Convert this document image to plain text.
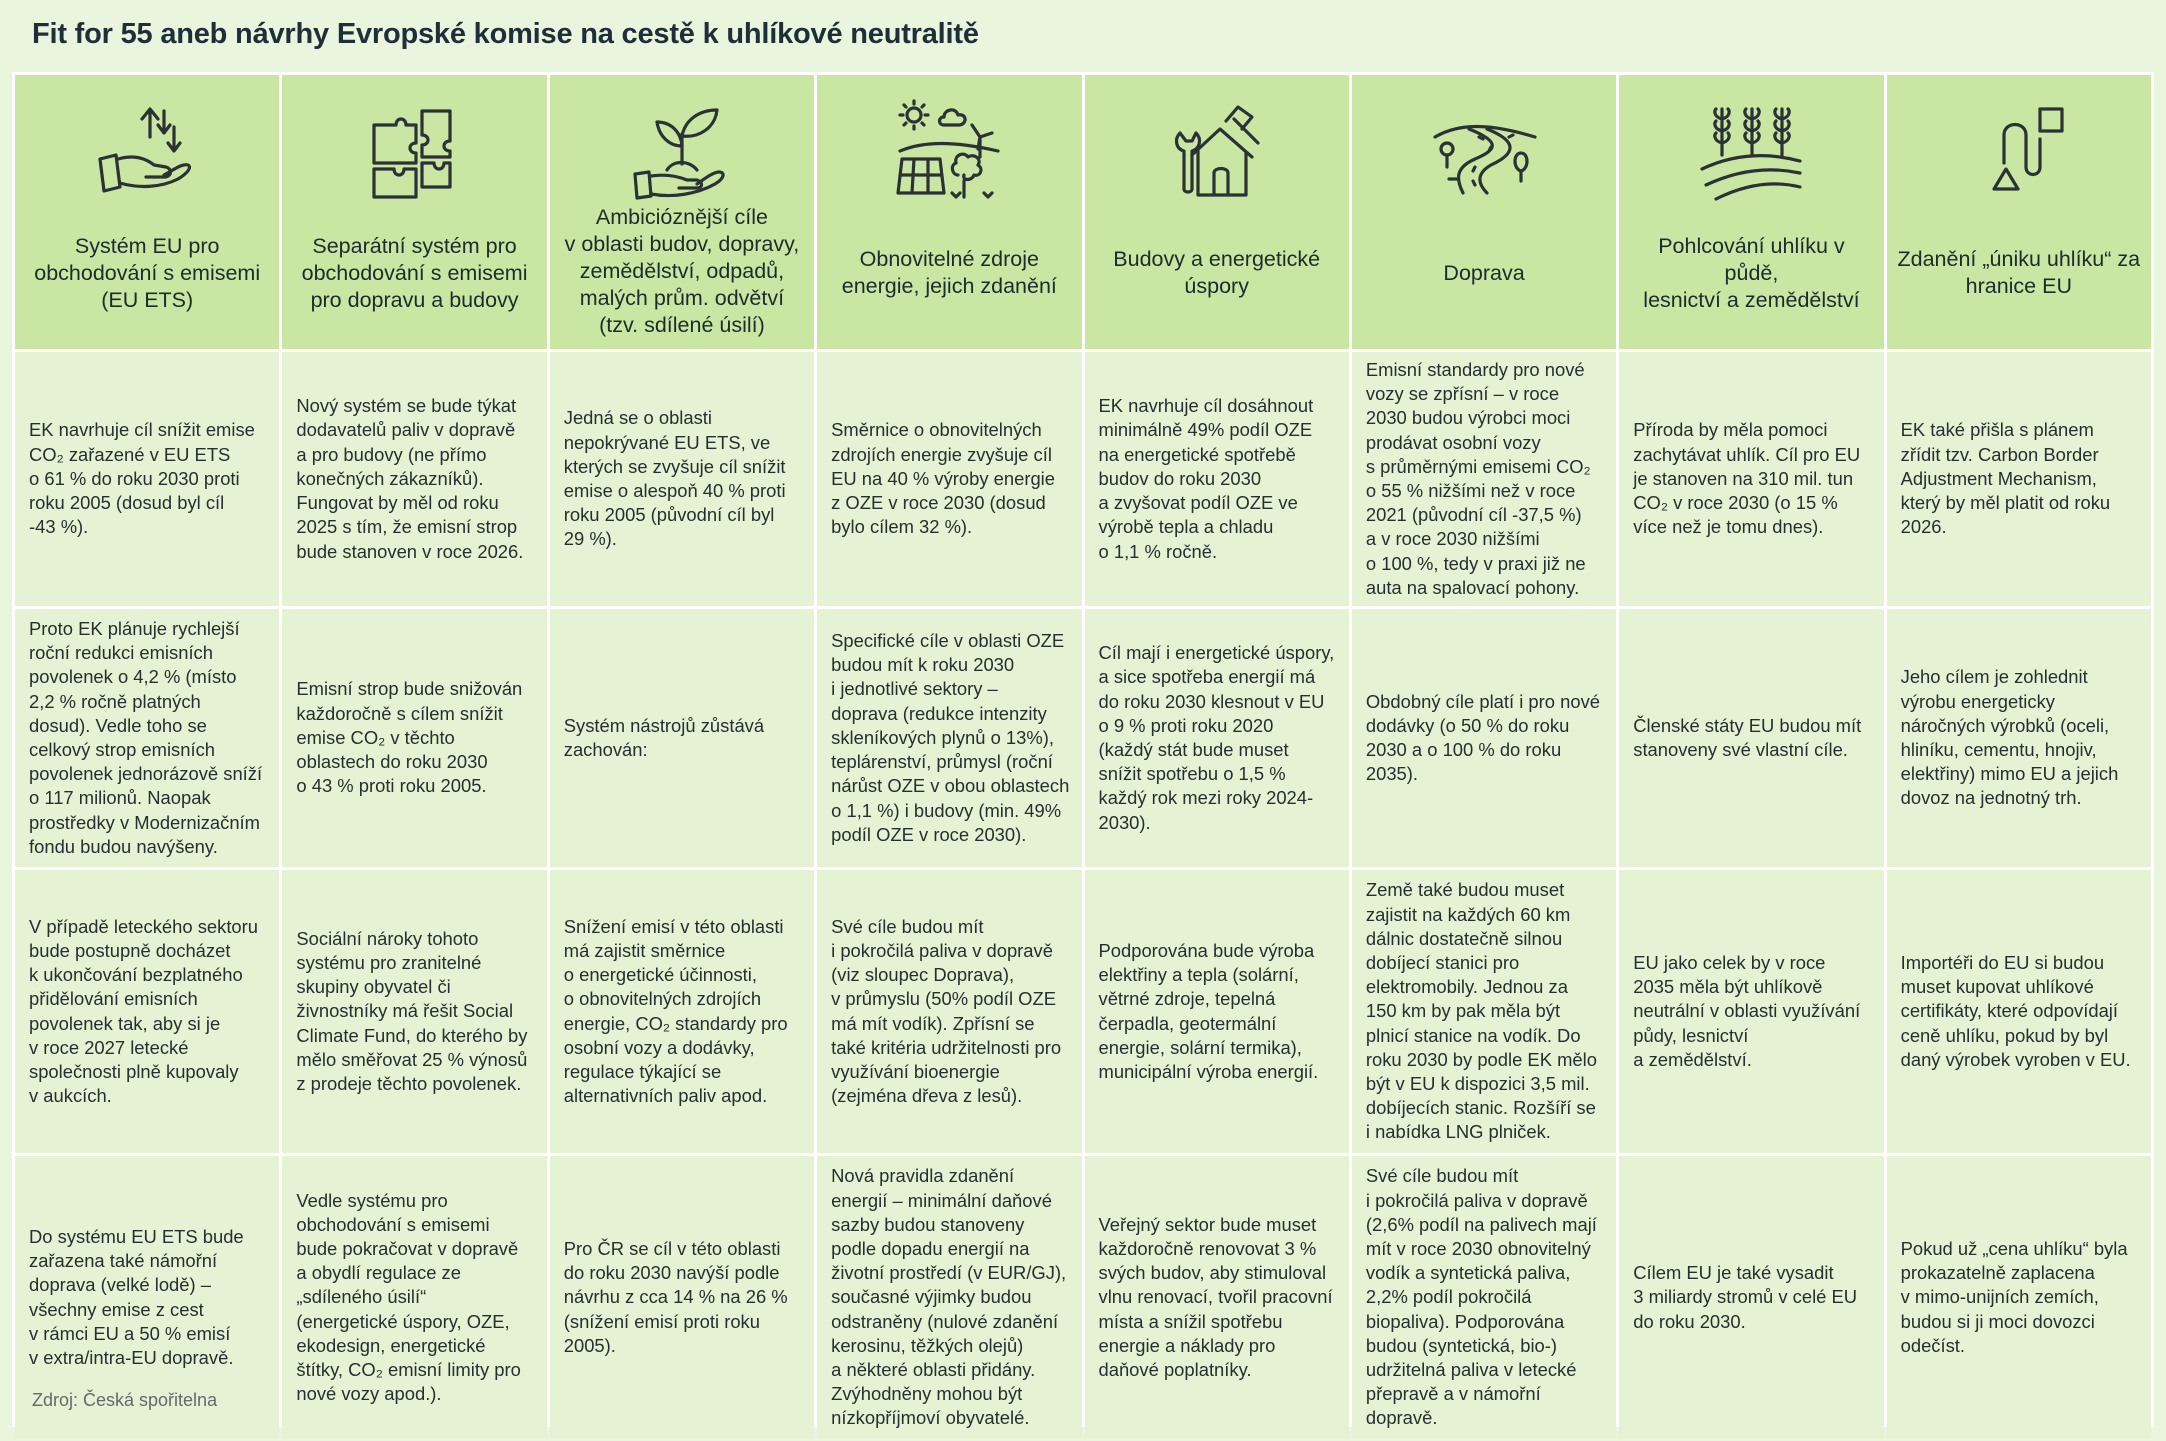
Fit for 55 aneb návrhy Evropské komise na cestě k uhlíkové neutralitě
Systém EU pro
obchodování s emisemi
(EU ETS)
Separátní systém pro
obchodování s emisemi
pro dopravu a budovy
Ambicióznější cíle
v oblasti budov, dopravy,
zemědělství, odpadů,
malých prům. odvětví
(tzv. sdílené úsilí)
Obnovitelné zdroje
energie, jejich zdanění
Budovy a energetické
úspory
Doprava
Pohlcování uhlíku v půdě,
lesnictví a zemědělství
Zdanění „úniku uhlíku“ za
hranice EU
EK navrhuje cíl snížit emise
CO₂ zařazené v EU ETS
o 61 % do roku 2030 proti
roku 2005 (dosud byl cíl
-43 %).
Nový systém se bude týkat
dodavatelů paliv v dopravě
a pro budovy (ne přímo
konečných zákazníků).
Fungovat by měl od roku
2025 s tím, že emisní strop
bude stanoven v roce 2026.
Jedná se o oblasti
nepokrývané EU ETS, ve
kterých se zvyšuje cíl snížit
emise o alespoň 40 % proti
roku 2005 (původní cíl byl
29 %).
Směrnice o obnovitelných
zdrojích energie zvyšuje cíl
EU na 40 % výroby energie
z OZE v roce 2030 (dosud
bylo cílem 32 %).
EK navrhuje cíl dosáhnout
minimálně 49% podíl OZE
na energetické spotřebě
budov do roku 2030
a zvyšovat podíl OZE ve
výrobě tepla a chladu
o 1,1 % ročně.
Emisní standardy pro nové
vozy se zpřísní – v roce
2030 budou výrobci moci
prodávat osobní vozy
s průměrnými emisemi CO₂
o 55 % nižšími než v roce
2021 (původní cíl -37,5 %)
a v roce 2030 nižšími
o 100 %, tedy v praxi již ne
auta na spalovací pohony.
Příroda by měla pomoci
zachytávat uhlík. Cíl pro EU
je stanoven na 310 mil. tun
CO₂ v roce 2030 (o 15 %
více než je tomu dnes).
EK také přišla s plánem
zřídit tzv. Carbon Border
Adjustment Mechanism,
který by měl platit od roku
2026.
Proto EK plánuje rychlejší
roční redukci emisních
povolenek o 4,2 % (místo
2,2 % ročně platných
dosud). Vedle toho se
celkový strop emisních
povolenek jednorázově sníží
o 117 milionů. Naopak
prostředky v Modernizačním
fondu budou navýšeny.
Emisní strop bude snižován
každoročně s cílem snížit
emise CO₂ v těchto
oblastech do roku 2030
o 43 % proti roku 2005.
Systém nástrojů zůstává
zachován:
Specifické cíle v oblasti OZE
budou mít k roku 2030
i jednotlivé sektory –
doprava (redukce intenzity
skleníkových plynů o 13%),
teplárenství, průmysl (roční
nárůst OZE v obou oblastech
o 1,1 %) i budovy (min. 49%
podíl OZE v roce 2030).
Cíl mají i energetické úspory,
a sice spotřeba energií má
do roku 2030 klesnout v EU
o 9 % proti roku 2020
(každý stát bude muset
snížit spotřebu o 1,5 %
každý rok mezi roky 2024-
2030).
Obdobný cíle platí i pro nové
dodávky (o 50 % do roku
2030 a o 100 % do roku
2035).
Členské státy EU budou mít
stanoveny své vlastní cíle.
Jeho cílem je zohlednit
výrobu energeticky
náročných výrobků (oceli,
hliníku, cementu, hnojiv,
elektřiny) mimo EU a jejich
dovoz na jednotný trh.
V případě leteckého sektoru
bude postupně docházet
k ukončování bezplatného
přidělování emisních
povolenek tak, aby si je
v roce 2027 letecké
společnosti plně kupovaly
v aukcích.
Sociální nároky tohoto
systému pro zranitelné
skupiny obyvatel či
živnostníky má řešit Social
Climate Fund, do kterého by
mělo směřovat 25 % výnosů
z prodeje těchto povolenek.
Snížení emisí v této oblasti
má zajistit směrnice
o energetické účinnosti,
o obnovitelných zdrojích
energie, CO₂ standardy pro
osobní vozy a dodávky,
regulace týkající se
alternativních paliv apod.
Své cíle budou mít
i pokročilá paliva v dopravě
(viz sloupec Doprava),
v průmyslu (50% podíl OZE
má mít vodík). Zpřísní se
také kritéria udržitelnosti pro
využívání bioenergie
(zejména dřeva z lesů).
Podporována bude výroba
elektřiny a tepla (solární,
větrné zdroje, tepelná
čerpadla, geotermální
energie, solární termika),
municipální výroba energií.
Země také budou muset
zajistit na každých 60 km
dálnic dostatečně silnou
dobíjecí stanici pro
elektromobily. Jednou za
150 km by pak měla být
plnicí stanice na vodík. Do
roku 2030 by podle EK mělo
být v EU k dispozici 3,5 mil.
dobíjecích stanic. Rozšíří se
i nabídka LNG plniček.
EU jako celek by v roce
2035 měla být uhlíkově
neutrální v oblasti využívání
půdy, lesnictví
a zemědělství.
Importéři do EU si budou
muset kupovat uhlíkové
certifikáty, které odpovídají
ceně uhlíku, pokud by byl
daný výrobek vyroben v EU.
Do systému EU ETS bude
zařazena také námořní
doprava (velké lodě) –
všechny emise z cest
v rámci EU a 50 % emisí
v extra/intra-EU dopravě.
Vedle systému pro
obchodování s emisemi
bude pokračovat v dopravě
a obydlí regulace ze
„sdíleného úsilí“
(energetické úspory, OZE,
ekodesign, energetické
štítky, CO₂ emisní limity pro
nové vozy apod.).
Pro ČR se cíl v této oblasti
do roku 2030 navýší podle
návrhu z cca 14 % na 26 %
(snížení emisí proti roku
2005).
Nová pravidla zdanění
energií – minimální daňové
sazby budou stanoveny
podle dopadu energií na
životní prostředí (v EUR/GJ),
současné výjimky budou
odstraněny (nulové zdanění
kerosinu, těžkých olejů)
a některé oblasti přidány.
Zvýhodněny mohou být
nízkopříjmoví obyvatelé.
Veřejný sektor bude muset
každoročně renovovat 3 %
svých budov, aby stimuloval
vlnu renovací, tvořil pracovní
místa a snížil spotřebu
energie a náklady pro
daňové poplatníky.
Své cíle budou mít
i pokročilá paliva v dopravě
(2,6% podíl na palivech mají
mít v roce 2030 obnovitelný
vodík a syntetická paliva,
2,2% podíl pokročilá
biopaliva). Podporována
budou (syntetická, bio-)
udržitelná paliva v letecké
přepravě a v námořní
dopravě.
Cílem EU je také vysadit
3 miliardy stromů v celé EU
do roku 2030.
Pokud už „cena uhlíku“ byla
prokazatelně zaplacena
v mimo-unijních zemích,
budou si ji moci dovozci
odečíst.
Zdroj: Česká spořitelna
